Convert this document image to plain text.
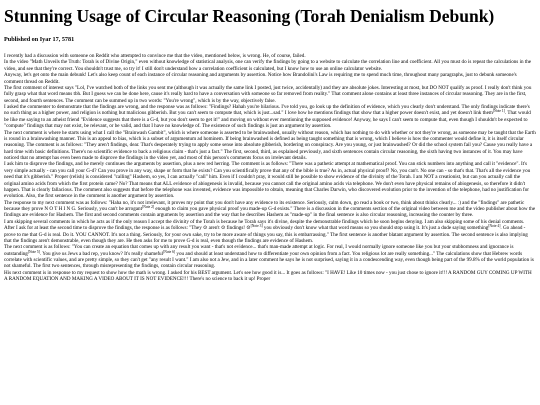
Stunning Usage of Circular Reasoning (Torah Denialism Debunk)
Published on Iyar 17, 5781

I recently had a discussion with someone on Reddit who attempted to convince me that the video, mentioned below, is wrong. He, of course, failed.

In the video "Math Unveils the Truth: Torah is of Divine Origin," even without knowledge of statistical analysis, one can verify the findings by going to a website to calculate the correlation line and coefficient. All you must do is repeat the calculations in the video, and see that they're correct. You shouldn't trust me, so try it! I still don't understand how a correlation coefficient is calculated, but I know how to use an online calculator website.

Anyway, let's get onto the main debunk! Let's also keep count of each instance of circular reasoning and arguments by assertion. Notice how Brandolini's Law is requiring me to spend much time, throughout many paragraphs, just to debunk someone's comment thread on Reddit.

The first comment of interest says "Lol, I've watched both of the links you sent me (although it was actually the same link I posted, just twice, accidentally) and they are absolute jokes. Interesting at most, but DO NOT qualify as proof. I really don't think you fully grasp what that word means tbh. But I guess we can be done here, cause it's really hard to have a conversation with someone so far removed from reality." That comment alone contains at least three instances of circular reasoning. They are in the first, second, and fourth sentences. The comment can be summed up in two words: "You're wrong", which is by the way, objectively false.

I asked the commenter to demonstrate that the findings are wrong, and the response was as follows: "Findings? Hahah you're hilarious. I've told you, go look up the definition of evidence, which you clearly don't understand. The only findings indicate there's no such thing as a higher power, and religion is nothing but malicious gibberish. But you can't seem to compute that, which is just...sad." I love how he mentions findings that show that a higher power doesn't exist, and yet doesn't link them[Note 1]. That would be like me saying to an atheist friend "Evidence suggests that there is a G-d, but you don't seem to get it!" and moving on without ever mentioning the supposed evidence! Anyway, he says I can't seem to compute that, even though I shouldn't be expected to "compute" findings that may not exist, be relevant, or be valid, and that I have no knowledge of. The existence of such findings is just an argument by assertion.

The next comment is where he starts using what I call the "Brainwash Gambit", which is where someone is asserted to be brainwashed, usually without reason, which has nothing to do with whether or not they're wrong, as someone may be taught that the Earth is round in a brainwashing manner. This is an appeal to bias, which is a subset of argumentum ad hominem. If being brainwashed is defined as being taught something that is wrong, which I believe is how the commenter would define it, it is itself circular reasoning. The comment is as follows: "They aren't findings, dear. That's desperately trying to apply some sense into absolute gibberish, bordering on conspiracy. Are you young, or just brainwashed? Or did the school system fail you? Cause you really have a hard time with basic definitions. There's no scientific evidence to back a religious claim - that's just a fact." The first, second, third, as explained previously, and sixth sentences contain circular reasoning, the sixth having two instances of it. You may have noticed that no attempt has even been made to disprove the findings in the video yet, and most of this person's comments focus on irrelevant details.

I ask him to disprove the findings, and he merely continues the arguments by assertion, plus a new red herring. The comment is as follows: "There was a pathetic attempt at mathematical proof. You can stick numbers into anything and call it "evidence". It's very simple actually - can you call your G-d? Can you prove in any way, shape or form that he exists? Can you scientifically prove that any of the bible is true? As in, actual physical proof? No, you can't. No one can - so that's that. That's all the evidence you need that it's gibberish." Proper (relish) is considered "calling" Hashem, so yes, I can actually "call" him. Even if I couldn't pray, it would still be possible to show evidence of the divinity of the Torah. I am NOT a creationist, but can you actually call the original amino acids from which the first protein came? No? That means that ALL evidence of abiogenesis is invalid, because you cannot call the original amino acids via telephone. We don't even have physical remains of abiogenesis, so therefore it didn't happen. That is clearly fallacious. The comment also suggests that before the telephone was invented, evidence was impossible to obtain, meaning that Charles Darwin, who discovered evolution prior to the invention of the telephone, had no justification for evolution. Also, the first sentence in the comment is another argument by assertion.

The response to my next comment was as follows: "Haha no, it's not irrelevant, it proves my point that you don't have any evidence to its existence. Seriously, calm down, go read a book or two, think about thinks clearly... :) and the "findings" are pathetic because they prove N O T H I N G. Seriously, you can't be arrogant[Note 2] enough to claim you gave physical proof you made-up G-d exists." There is a discussion in the comments section of the original video between me and the video publisher about how the findings are evidence for Hashem. The first and second comments contain arguments by assertion and the way that he describes Hashem as "made-up" in the final sentence is also circular reasoning, increasing the counter by three.

I am skipping several comments in which he acts as if the only reason I accept the divinity of the Torah is because he Torah says it's divine, despite the demonstrable findings which he soon begins denying. I am also skipping some of his denial comments.

After I ask for at least the second time to disprove the findings, the response is as follows: "They ⊙ aren't ⊙ findings! ⊙[Note 3] you obviously don't know what that word means so you should stop using it. It's just a dude saying something[Note 4]. Go ahead - prove to me that G-d is real. Do it. YOU CANNOT. It's not a thing. Seriously, for your own sake, try to be more aware of things you say, this is embarrassing." The first sentence is another blatant argument by assertion. The second sentence is also implying that the findings aren't demonstrable, even though they are. He then asks for me to prove G-d is real, even though the findings are evidence of Hashem.

The next comment is as follows: "You can create an equation that comes up with any result you want - that's not evidence... that's man-made attempt at logic. For real, I would normally ignore someone like you but your stubbornness and ignorance is outstanding[Note 5]. You give us Jews a bad rep, you know? It's really shameful[Note 6] you and should at least understand how to differentiate your own opinion from a fact. You religious lot are really something..." The calculations show that Hebrew words correlate with scientific values, and are pretty simple, so they can't get "any result I want." I am also not a Jew, and in a later comment he says he is not surprised, saying it in a condescending way, even though being part of the 99.8% of the world population is not shameful. The first two sentences, through misrepresenting the findings, contain circular reasoning.

His next comment is in response to my request to show how the math is wrong. I asked for his BEST argument. Let's see how good it is... It goes as follows: "I HAVE! Like 10 times now - you just chose to ignore it!!! A RANDOM GUY COMING UP WITH A RANDOM EQUATION AND MAKING A VIDEO ABOUT IT IS NOT EVIDENCE!!! There's no science to back it up! Proper
